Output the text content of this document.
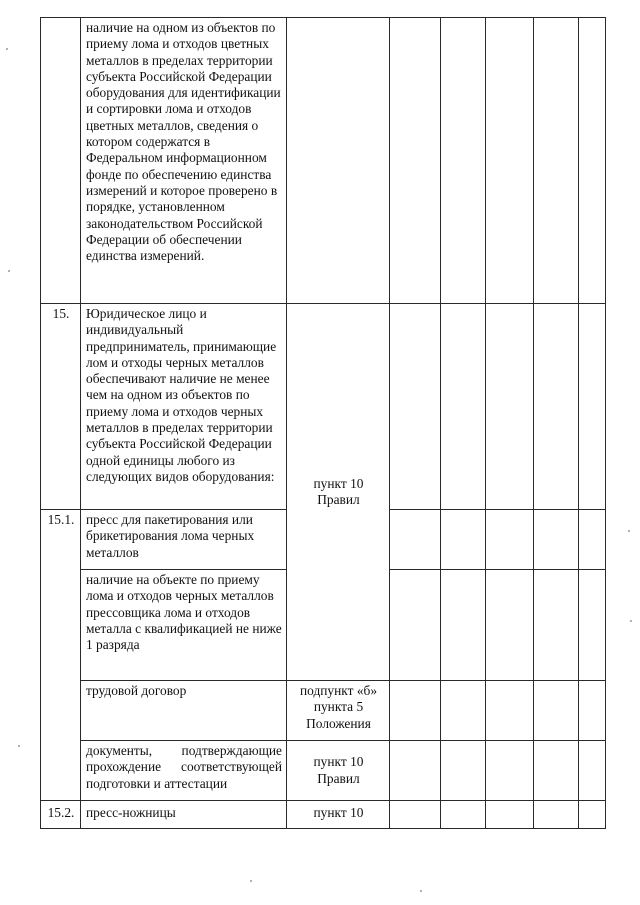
	наличие на одном из объектов по приему лома и отходов цветных металлов в пределах территории субъекта Российской Федерации оборудования для идентификации и сортировки лома и отходов цветных металлов, сведения о котором содержатся в Федеральном информационном фонде по обеспечению единства измерений и которое проверено в порядке, установленном законодательством Российской Федерации об обеспечении единства измерений.						
15.	Юридическое лицо и индивидуальный предприниматель, принимающие лом и отходы черных металлов обеспечивают наличие не менее чем на одном из объектов по приему лома и отходов черных металлов в пределах территории субъекта Российской Федерации одной единицы любого из следующих видов оборудования:	пункт 10 Правил					
15.1.	пресс для пакетирования или брикетирования лома черных металлов						
	наличие на объекте по приему лома и отходов черных металлов прессовщика лома и отходов металла с квалификацией не ниже 1 разряда						
	трудовой договор	подпункт «б» пункта 5 Положения					
	документы, подтверждающие прохождение соответствующей подготовки и аттестации	пункт 10 Правил					
15.2.	пресс-ножницы	пункт 10					
